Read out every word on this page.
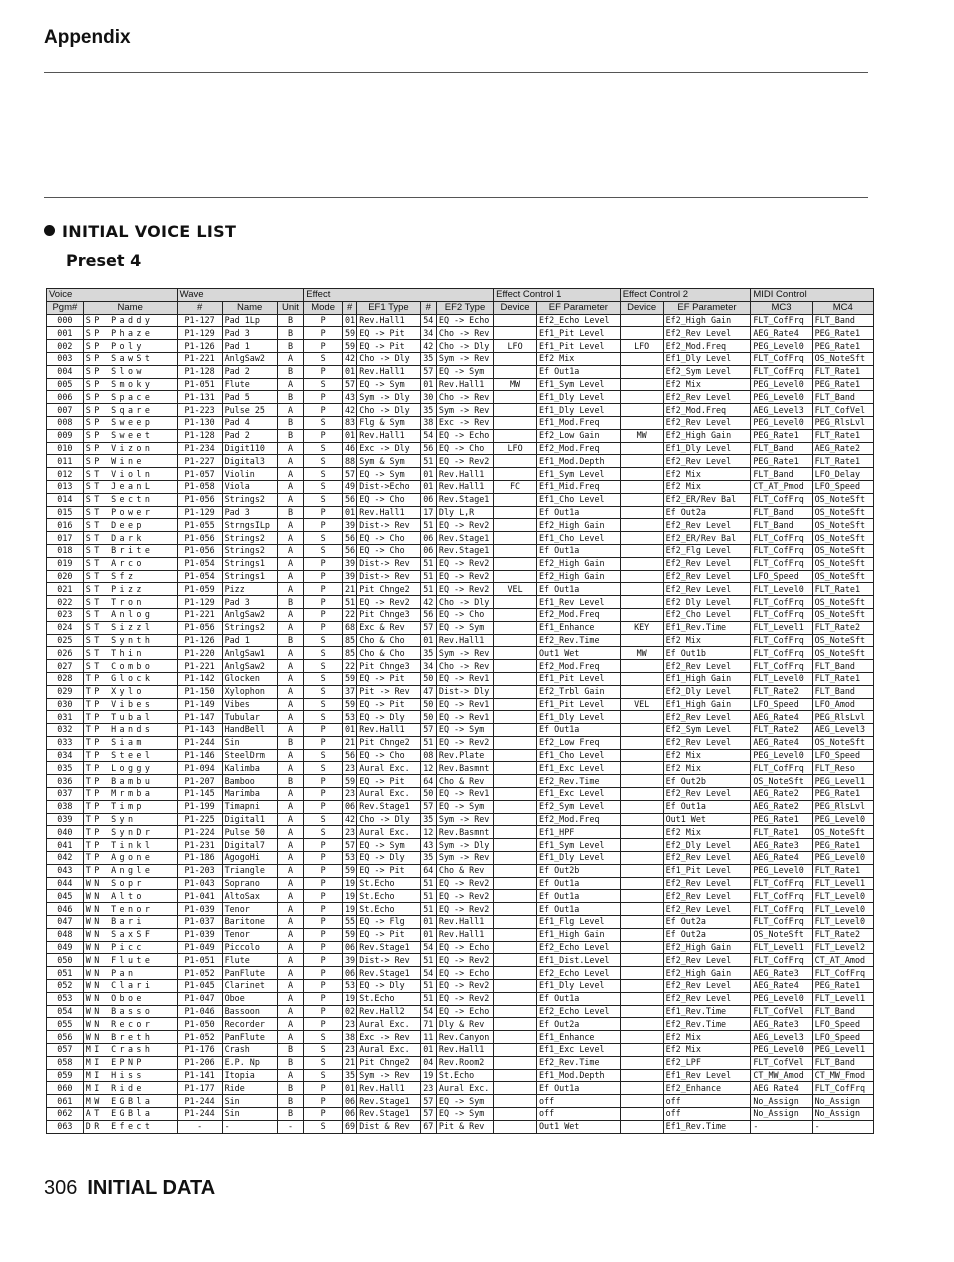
Appendix
INITIAL VOICE LIST
Preset 4
Voice		Wave			Effect					Effect Control 1		Effect Control 2		MIDI Control	
Pgm#	Name	#	Name	Unit	Mode	#	EF1 Type	#	EF2 Type	Device	EF Parameter	Device	EF Parameter	MC3	MC4
000	SP Paddy	P1-127	Pad 1Lp	B	P	01	Rev.Hall1	54	EQ -> Echo		Ef2_Echo Level		Ef2_High Gain	FLT_CofFrq	FLT_Band
001	SP Phaze	P1-129	Pad 3	B	P	59	EQ -> Pit	34	Cho -> Rev		Ef1_Pit Level		Ef2_Rev Level	AEG_Rate4	PEG_Rate1
002	SP Poly	P1-126	Pad 1	B	P	59	EQ -> Pit	42	Cho -> Dly	LFO	Ef1_Pit Level	LFO	Ef2_Mod.Freq	PEG_Level0	PEG_Rate1
003	SP SawSt	P1-221	AnlgSaw2	A	S	42	Cho -> Dly	35	Sym -> Rev		Ef2 Mix		Ef1_Dly Level	FLT_CofFrq	OS_NoteSft
004	SP Slow	P1-128	Pad 2	B	P	01	Rev.Hall1	57	EQ -> Sym		Ef Out1a		Ef2_Sym Level	FLT_CofFrq	FLT_Rate1
005	SP Smoky	P1-051	Flute	A	S	57	EQ -> Sym	01	Rev.Hall1	MW	Ef1_Sym Level		Ef2 Mix	PEG_Level0	PEG_Rate1
006	SP Space	P1-131	Pad 5	B	P	43	Sym -> Dly	30	Cho -> Rev		Ef1_Dly Level		Ef2_Rev Level	PEG_Level0	FLT_Band
007	SP Sqare	P1-223	Pulse 25	A	P	42	Cho -> Dly	35	Sym -> Rev		Ef1_Dly Level		Ef2_Mod.Freq	AEG_Level3	FLT_CofVel
008	SP Sweep	P1-130	Pad 4	B	S	83	Flg & Sym	38	Exc -> Rev		Ef1_Mod.Freq		Ef2_Rev Level	PEG_Level0	PEG_RlsLvl
009	SP Sweet	P1-128	Pad 2	B	P	01	Rev.Hall1	54	EQ -> Echo		Ef2_Low Gain	MW	Ef2_High Gain	PEG_Rate1	FLT_Rate1
010	SP Vizon	P1-234	Digit110	A	S	46	Exc -> Dly	56	EQ -> Cho	LFO	Ef2_Mod.Freq		Ef1_Dly Level	FLT_Band	AEG_Rate2
011	SP Wine	P1-227	Digital3	A	S	88	Sym & Sym	51	EQ -> Rev2		Ef1_Mod.Depth		Ef2_Rev Level	PEG_Rate1	FLT_Rate1
012	ST Violn	P1-057	Violin	A	S	57	EQ -> Sym	01	Rev.Hall1		Ef1_Sym Level		Ef2 Mix	FLT_Band	LFO_Delay
013	ST JeanL	P1-058	Viola	A	S	49	Dist->Echo	01	Rev.Hall1	FC	Ef1_Mid.Freq		Ef2 Mix	CT_AT_Pmod	LFO_Speed
014	ST Sectn	P1-056	Strings2	A	S	56	EQ -> Cho	06	Rev.Stage1		Ef1_Cho Level		Ef2_ER/Rev Bal	FLT_CofFrq	OS_NoteSft
015	ST Power	P1-129	Pad 3	B	P	01	Rev.Hall1	17	Dly L,R		Ef Out1a		Ef Out2a	FLT_Band	OS_NoteSft
016	ST Deep	P1-055	StrngsILp	A	P	39	Dist-> Rev	51	EQ -> Rev2		Ef2_High Gain		Ef2_Rev Level	FLT_Band	OS_NoteSft
017	ST Dark	P1-056	Strings2	A	S	56	EQ -> Cho	06	Rev.Stage1		Ef1_Cho Level		Ef2_ER/Rev Bal	FLT_CofFrq	OS_NoteSft
018	ST Brite	P1-056	Strings2	A	S	56	EQ -> Cho	06	Rev.Stage1		Ef Out1a		Ef2_Flg Level	FLT_CofFrq	OS_NoteSft
019	ST Arco	P1-054	Strings1	A	P	39	Dist-> Rev	51	EQ -> Rev2		Ef2_High Gain		Ef2_Rev Level	FLT_CofFrq	OS_NoteSft
020	ST Sfz	P1-054	Strings1	A	P	39	Dist-> Rev	51	EQ -> Rev2		Ef2_High Gain		Ef2_Rev Level	LFO_Speed	OS_NoteSft
021	ST Pizz	P1-059	Pizz	A	P	21	Pit Chnge2	51	EQ -> Rev2	VEL	Ef Out1a		Ef2_Rev Level	FLT_Level0	FLT_Rate1
022	ST Tron	P1-129	Pad 3	B	P	51	EQ -> Rev2	42	Cho -> Dly		Ef1_Rev Level		Ef2 Dly Level	FLT_CofFrq	OS_NoteSft
023	ST Anlog	P1-221	AnlgSaw2	A	P	22	Pit Chnge3	56	EQ -> Cho		Ef2_Mod.Freq		Ef2_Cho Level	FLT_CofFrq	OS_NoteSft
024	ST Sizzl	P1-056	Strings2	A	P	68	Exc & Rev	57	EQ -> Sym		Ef1_Enhance	KEY	Ef1_Rev.Time	FLT_Level1	FLT_Rate2
025	ST Synth	P1-126	Pad 1	B	S	85	Cho & Cho	01	Rev.Hall1		Ef2_Rev.Time		Ef2 Mix	FLT_CofFrq	OS_NoteSft
026	ST Thin	P1-220	AnlgSaw1	A	S	85	Cho & Cho	35	Sym -> Rev		Out1 Wet	MW	Ef Out1b	FLT_CofFrq	OS_NoteSft
027	ST Combo	P1-221	AnlgSaw2	A	S	22	Pit Chnge3	34	Cho -> Rev		Ef2_Mod.Freq		Ef2_Rev Level	FLT_CofFrq	FLT_Band
028	TP Glock	P1-142	Glocken	A	S	59	EQ -> Pit	50	EQ -> Rev1		Ef1_Pit Level		Ef1_High Gain	FLT_Level0	FLT_Rate1
029	TP Xylo	P1-150	Xylophon	A	S	37	Pit -> Rev	47	Dist-> Dly		Ef2_Trbl Gain		Ef2_Dly Level	FLT_Rate2	FLT_Band
030	TP Vibes	P1-149	Vibes	A	S	59	EQ -> Pit	50	EQ -> Rev1		Ef1_Pit Level	VEL	Ef1_High Gain	LFO_Speed	LFO_Amod
031	TP Tubal	P1-147	Tubular	A	S	53	EQ -> Dly	50	EQ -> Rev1		Ef1_Dly Level		Ef2_Rev Level	AEG_Rate4	PEG_RlsLvl
032	TP Hands	P1-143	HandBell	A	P	01	Rev.Hall1	57	EQ -> Sym		Ef Out1a		Ef2_Sym Level	FLT_Rate2	AEG_Level3
033	TP Siam	P1-244	Sin	B	P	21	Pit Chnge2	51	EQ -> Rev2		Ef2_Low Freq		Ef2_Rev Level	AEG_Rate4	OS_NoteSft
034	TP Steel	P1-146	SteelDrm	A	S	56	EQ -> Cho	08	Rev.Plate		Ef1_Cho Level		Ef2 Mix	PEG_Level0	LFO_Speed
035	TP Loggy	P1-094	Kalimba	A	S	23	Aural Exc.	12	Rev.Basmnt		Ef1_Exc Level		Ef2 Mix	FLT_CofFrq	FLT_Reso
036	TP Bambu	P1-207	Bamboo	B	P	59	EQ -> Pit	64	Cho & Rev		Ef2_Rev.Time		Ef Out2b	OS_NoteSft	PEG_Level1
037	TP Mrmba	P1-145	Marimba	A	P	23	Aural Exc.	50	EQ -> Rev1		Ef1_Exc Level		Ef2_Rev Level	AEG_Rate2	PEG_Rate1
038	TP Timp	P1-199	Timapni	A	P	06	Rev.Stage1	57	EQ -> Sym		Ef2_Sym Level		Ef Out1a	AEG_Rate2	PEG_RlsLvl
039	TP Syn	P1-225	Digital1	A	S	42	Cho -> Dly	35	Sym -> Rev		Ef2_Mod.Freq		Out1 Wet	PEG_Rate1	PEG_Level0
040	TP SynDr	P1-224	Pulse 50	A	S	23	Aural Exc.	12	Rev.Basmnt		Ef1_HPF		Ef2 Mix	FLT_Rate1	OS_NoteSft
041	TP Tinkl	P1-231	Digital7	A	P	57	EQ -> Sym	43	Sym -> Dly		Ef1_Sym Level		Ef2_Dly Level	AEG_Rate3	PEG_Rate1
042	TP Agone	P1-186	AgogoHi	A	P	53	EQ -> Dly	35	Sym -> Rev		Ef1_Dly Level		Ef2_Rev Level	AEG_Rate4	PEG_Level0
043	TP Angle	P1-203	Triangle	A	P	59	EQ -> Pit	64	Cho & Rev		Ef Out2b		Ef1_Pit Level	PEG_Level0	FLT_Rate1
044	WN Sopr	P1-043	Soprano	A	P	19	St.Echo	51	EQ -> Rev2		Ef Out1a		Ef2_Rev Level	FLT_CofFrq	FLT_Level1
045	WN Alto	P1-041	AltoSax	A	P	19	St.Echo	51	EQ -> Rev2		Ef Out1a		Ef2_Rev Level	FLT_CofFrq	FLT_Level0
046	WN Tenor	P1-039	Tenor	A	P	19	St.Echo	51	EQ -> Rev2		Ef Out1a		Ef2_Rev Level	FLT_CofFrq	FLT_Level0
047	WN Bari	P1-037	Baritone	A	P	55	EQ -> Flg	01	Rev.Hall1		Ef1_Flg Level		Ef Out2a	FLT_CofFrq	FLT_Level0
048	WN SaxSF	P1-039	Tenor	A	P	59	EQ -> Pit	01	Rev.Hall1		Ef1_High Gain		Ef Out2a	OS_NoteSft	FLT_Rate2
049	WN Picc	P1-049	Piccolo	A	P	06	Rev.Stage1	54	EQ -> Echo		Ef2_Echo Level		Ef2_High Gain	FLT_Level1	FLT_Level2
050	WN Flute	P1-051	Flute	A	P	39	Dist-> Rev	51	EQ -> Rev2		Ef1_Dist.Level		Ef2_Rev Level	FLT_CofFrq	CT_AT_Amod
051	WN Pan	P1-052	PanFlute	A	P	06	Rev.Stage1	54	EQ -> Echo		Ef2_Echo Level		Ef2_High Gain	AEG_Rate3	FLT_CofFrq
052	WN Clari	P1-045	Clarinet	A	P	53	EQ -> Dly	51	EQ -> Rev2		Ef1_Dly Level		Ef2_Rev Level	AEG_Rate4	PEG_Rate1
053	WN Oboe	P1-047	Oboe	A	P	19	St.Echo	51	EQ -> Rev2		Ef Out1a		Ef2_Rev Level	PEG_Level0	FLT_Level1
054	WN Basso	P1-046	Bassoon	A	P	02	Rev.Hall2	54	EQ -> Echo		Ef2_Echo Level		Ef1_Rev.Time	FLT_CofVel	FLT_Band
055	WN Recor	P1-050	Recorder	A	P	23	Aural Exc.	71	Dly & Rev		Ef Out2a		Ef2_Rev.Time	AEG_Rate3	LFO_Speed
056	WN Breth	P1-052	PanFlute	A	S	38	Exc -> Rev	11	Rev.Canyon		Ef1_Enhance		Ef2 Mix	AEG_Level3	LFO_Speed
057	MI Crash	P1-176	Crash	B	S	23	Aural Exc.	01	Rev.Hall1		Ef1_Exc Level		Ef2 Mix	PEG_Level0	PEG_Level1
058	MI EPNP	P1-206	E.P. Np	B	S	21	Pit Chnge2	04	Rev.Room2		Ef2_Rev.Time		Ef2_LPF	FLT_CofVel	FLT_Band
059	MI Hiss	P1-141	Itopia	A	S	35	Sym -> Rev	19	St.Echo		Ef1_Mod.Depth		Ef1_Rev Level	CT_MW_Amod	CT_MW_Fmod
060	MI Ride	P1-177	Ride	B	P	01	Rev.Hall1	23	Aural Exc.		Ef Out1a		Ef2_Enhance	AEG Rate4	FLT_CofFrq
061	MW EGBla	P1-244	Sin	B	P	06	Rev.Stage1	57	EQ -> Sym		off		off	No_Assign	No_Assign
062	AT EGBla	P1-244	Sin	B	P	06	Rev.Stage1	57	EQ -> Sym		off		off	No_Assign	No_Assign
063	DR Efect	-	-	-	S	69	Dist & Rev	67	Pit & Rev		Out1 Wet		Ef1_Rev.Time	-	-
306 INITIAL DATA
